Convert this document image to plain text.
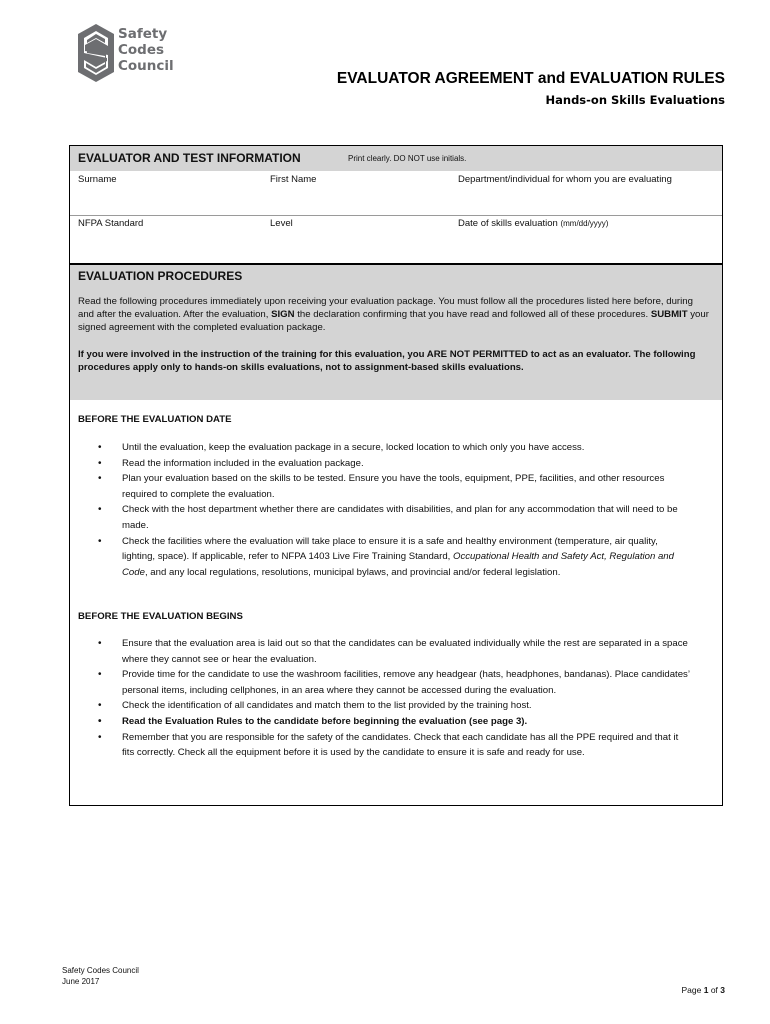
Safety
Codes
Council
EVALUATOR AGREEMENT and EVALUATION RULES
Hands-on Skills Evaluations
EVALUATOR AND TEST INFORMATION	Print clearly. DO NOT use initials.
Surname	First Name	Department/individual for whom you are evaluating
NFPA Standard	Level	Date of skills evaluation (mm/dd/yyyy)
EVALUATION PROCEDURES

Read the following procedures immediately upon receiving your evaluation package. You must follow all the procedures listed here before, during and after the evaluation. After the evaluation, SIGN the declaration confirming that you have read and followed all of these procedures. SUBMIT your signed agreement with the completed evaluation package.

If you were involved in the instruction of the training for this evaluation, you ARE NOT PERMITTED to act as an evaluator. The following procedures apply only to hands-on skills evaluations, not to assignment-based skills evaluations.

BEFORE THE EVALUATION DATE
• Until the evaluation, keep the evaluation package in a secure, locked location to which only you have access.
• Read the information included in the evaluation package.
• Plan your evaluation based on the skills to be tested. Ensure you have the tools, equipment, PPE, facilities, and other resources required to complete the evaluation.
• Check with the host department whether there are candidates with disabilities, and plan for any accommodation that will need to be made.
• Check the facilities where the evaluation will take place to ensure it is a safe and healthy environment (temperature, air quality, lighting, space). If applicable, refer to NFPA 1403 Live Fire Training Standard, Occupational Health and Safety Act, Regulation and Code, and any local regulations, resolutions, municipal bylaws, and provincial and/or federal legislation.
BEFORE THE EVALUATION BEGINS
• Ensure that the evaluation area is laid out so that the candidates can be evaluated individually while the rest are separated in a space where they cannot see or hear the evaluation.
• Provide time for the candidate to use the washroom facilities, remove any headgear (hats, headphones, bandanas). Place candidates’ personal items, including cellphones, in an area where they cannot be accessed during the evaluation.
• Check the identification of all candidates and match them to the list provided by the training host.
• Read the Evaluation Rules to the candidate before beginning the evaluation (see page 3).
• Remember that you are responsible for the safety of the candidates. Check that each candidate has all the PPE required and that it fits correctly. Check all the equipment before it is used by the candidate to ensure it is safe and ready for use.
Safety Codes Council
June 2017
Page 1 of 3
